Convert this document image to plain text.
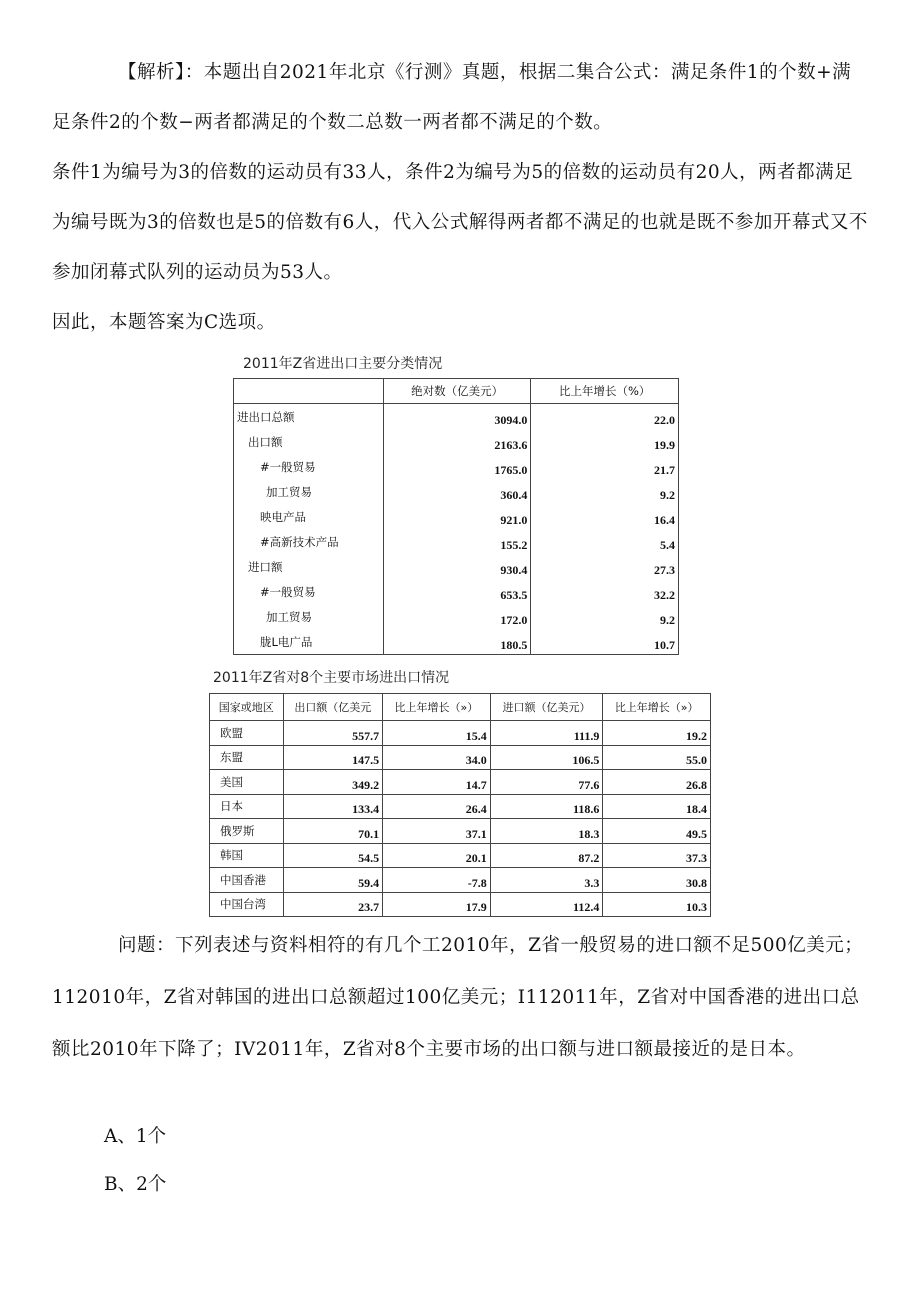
【解析】：本题出自2021年北京《行测》真题，根据二集合公式：满足条件1的个数+满足条件2的个数−两者都满足的个数二总数一两者都不满足的个数。

条件1为编号为3的倍数的运动员有33人，条件2为编号为5的倍数的运动员有20人，两者都满足为编号既为3的倍数也是5的倍数有6人，代入公式解得两者都不满足的也就是既不参加开幕式又不参加闭幕式队列的运动员为53人。

因此，本题答案为C选项。

2011年Z省进出口主要分类情况

	绝对数（亿美元）	比上年增长（%）
进出口总额	3094.0	22.0
出口额	2163.6	19.9
#一般贸易	1765.0	21.7
加工贸易	360.4	9.2
映电产品	921.0	16.4
#高新技术产品	155.2	5.4
进口额	930.4	27.3
#一般贸易	653.5	32.2
加工贸易	172.0	9.2
胧L电广品	180.5	10.7

2011年Z省对8个主要市场进出口情况

国家或地区	出口额（亿美元	比上年增长（»）	进口额（亿美元）	比上年增长（»）
欧盟	557.7	15.4	111.9	19.2
东盟	147.5	34.0	106.5	55.0
美国	349.2	14.7	77.6	26.8
日本	133.4	26.4	118.6	18.4
俄罗斯	70.1	37.1	18.3	49.5
韩国	54.5	20.1	87.2	37.3
中国香港	59.4	-7.8	3.3	30.8
中国台湾	23.7	17.9	112.4	10.3

问题：下列表述与资料相符的有几个工2010年，Z省一般贸易的进口额不足500亿美元；112010年，Z省对韩国的进出口总额超过100亿美元；I112011年，Z省对中国香港的进出口总额比2010年下降了；IV2011年，Z省对8个主要市场的出口额与进口额最接近的是日本。

A、1个

B、2个
